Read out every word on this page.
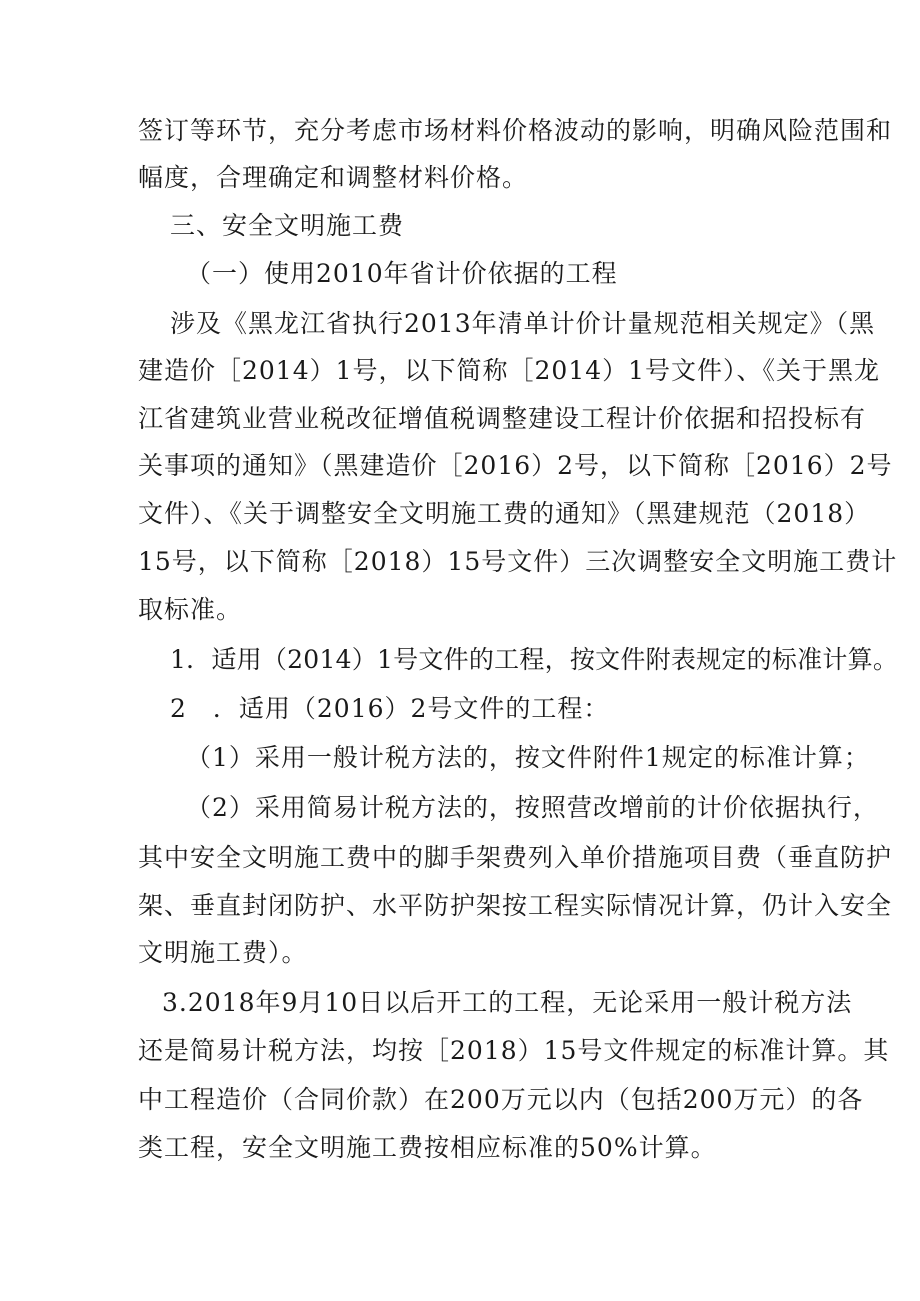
签订等环节，充分考虑市场材料价格波动的影响，明确风险范围和
幅度，合理确定和调整材料价格。
三、安全文明施工费
（一）使用2010年省计价依据的工程
涉及《黑龙江省执行2013年清单计价计量规范相关规定》（黑
建造价［2014）1号，以下简称［2014）1号文件）、《关于黑龙
江省建筑业营业税改征增值税调整建设工程计价依据和招投标有
关事项的通知》（黑建造价［2016）2号，以下简称［2016）2号
文件）、《关于调整安全文明施工费的通知》（黑建规范（2018）
15号，以下简称［2018）15号文件）三次调整安全文明施工费计
取标准。
1．适用（2014）1号文件的工程，按文件附表规定的标准计算。
2　．适用（2016）2号文件的工程：
（1）采用一般计税方法的，按文件附件1规定的标准计算；
（2）采用简易计税方法的，按照营改增前的计价依据执行，
其中安全文明施工费中的脚手架费列入单价措施项目费（垂直防护
架、垂直封闭防护、水平防护架按工程实际情况计算，仍计入安全
文明施工费）。
3.2018年9月10日以后开工的工程，无论采用一般计税方法
还是简易计税方法，均按［2018）15号文件规定的标准计算。其
中工程造价（合同价款）在200万元以内（包括200万元）的各
类工程，安全文明施工费按相应标准的50%计算。
